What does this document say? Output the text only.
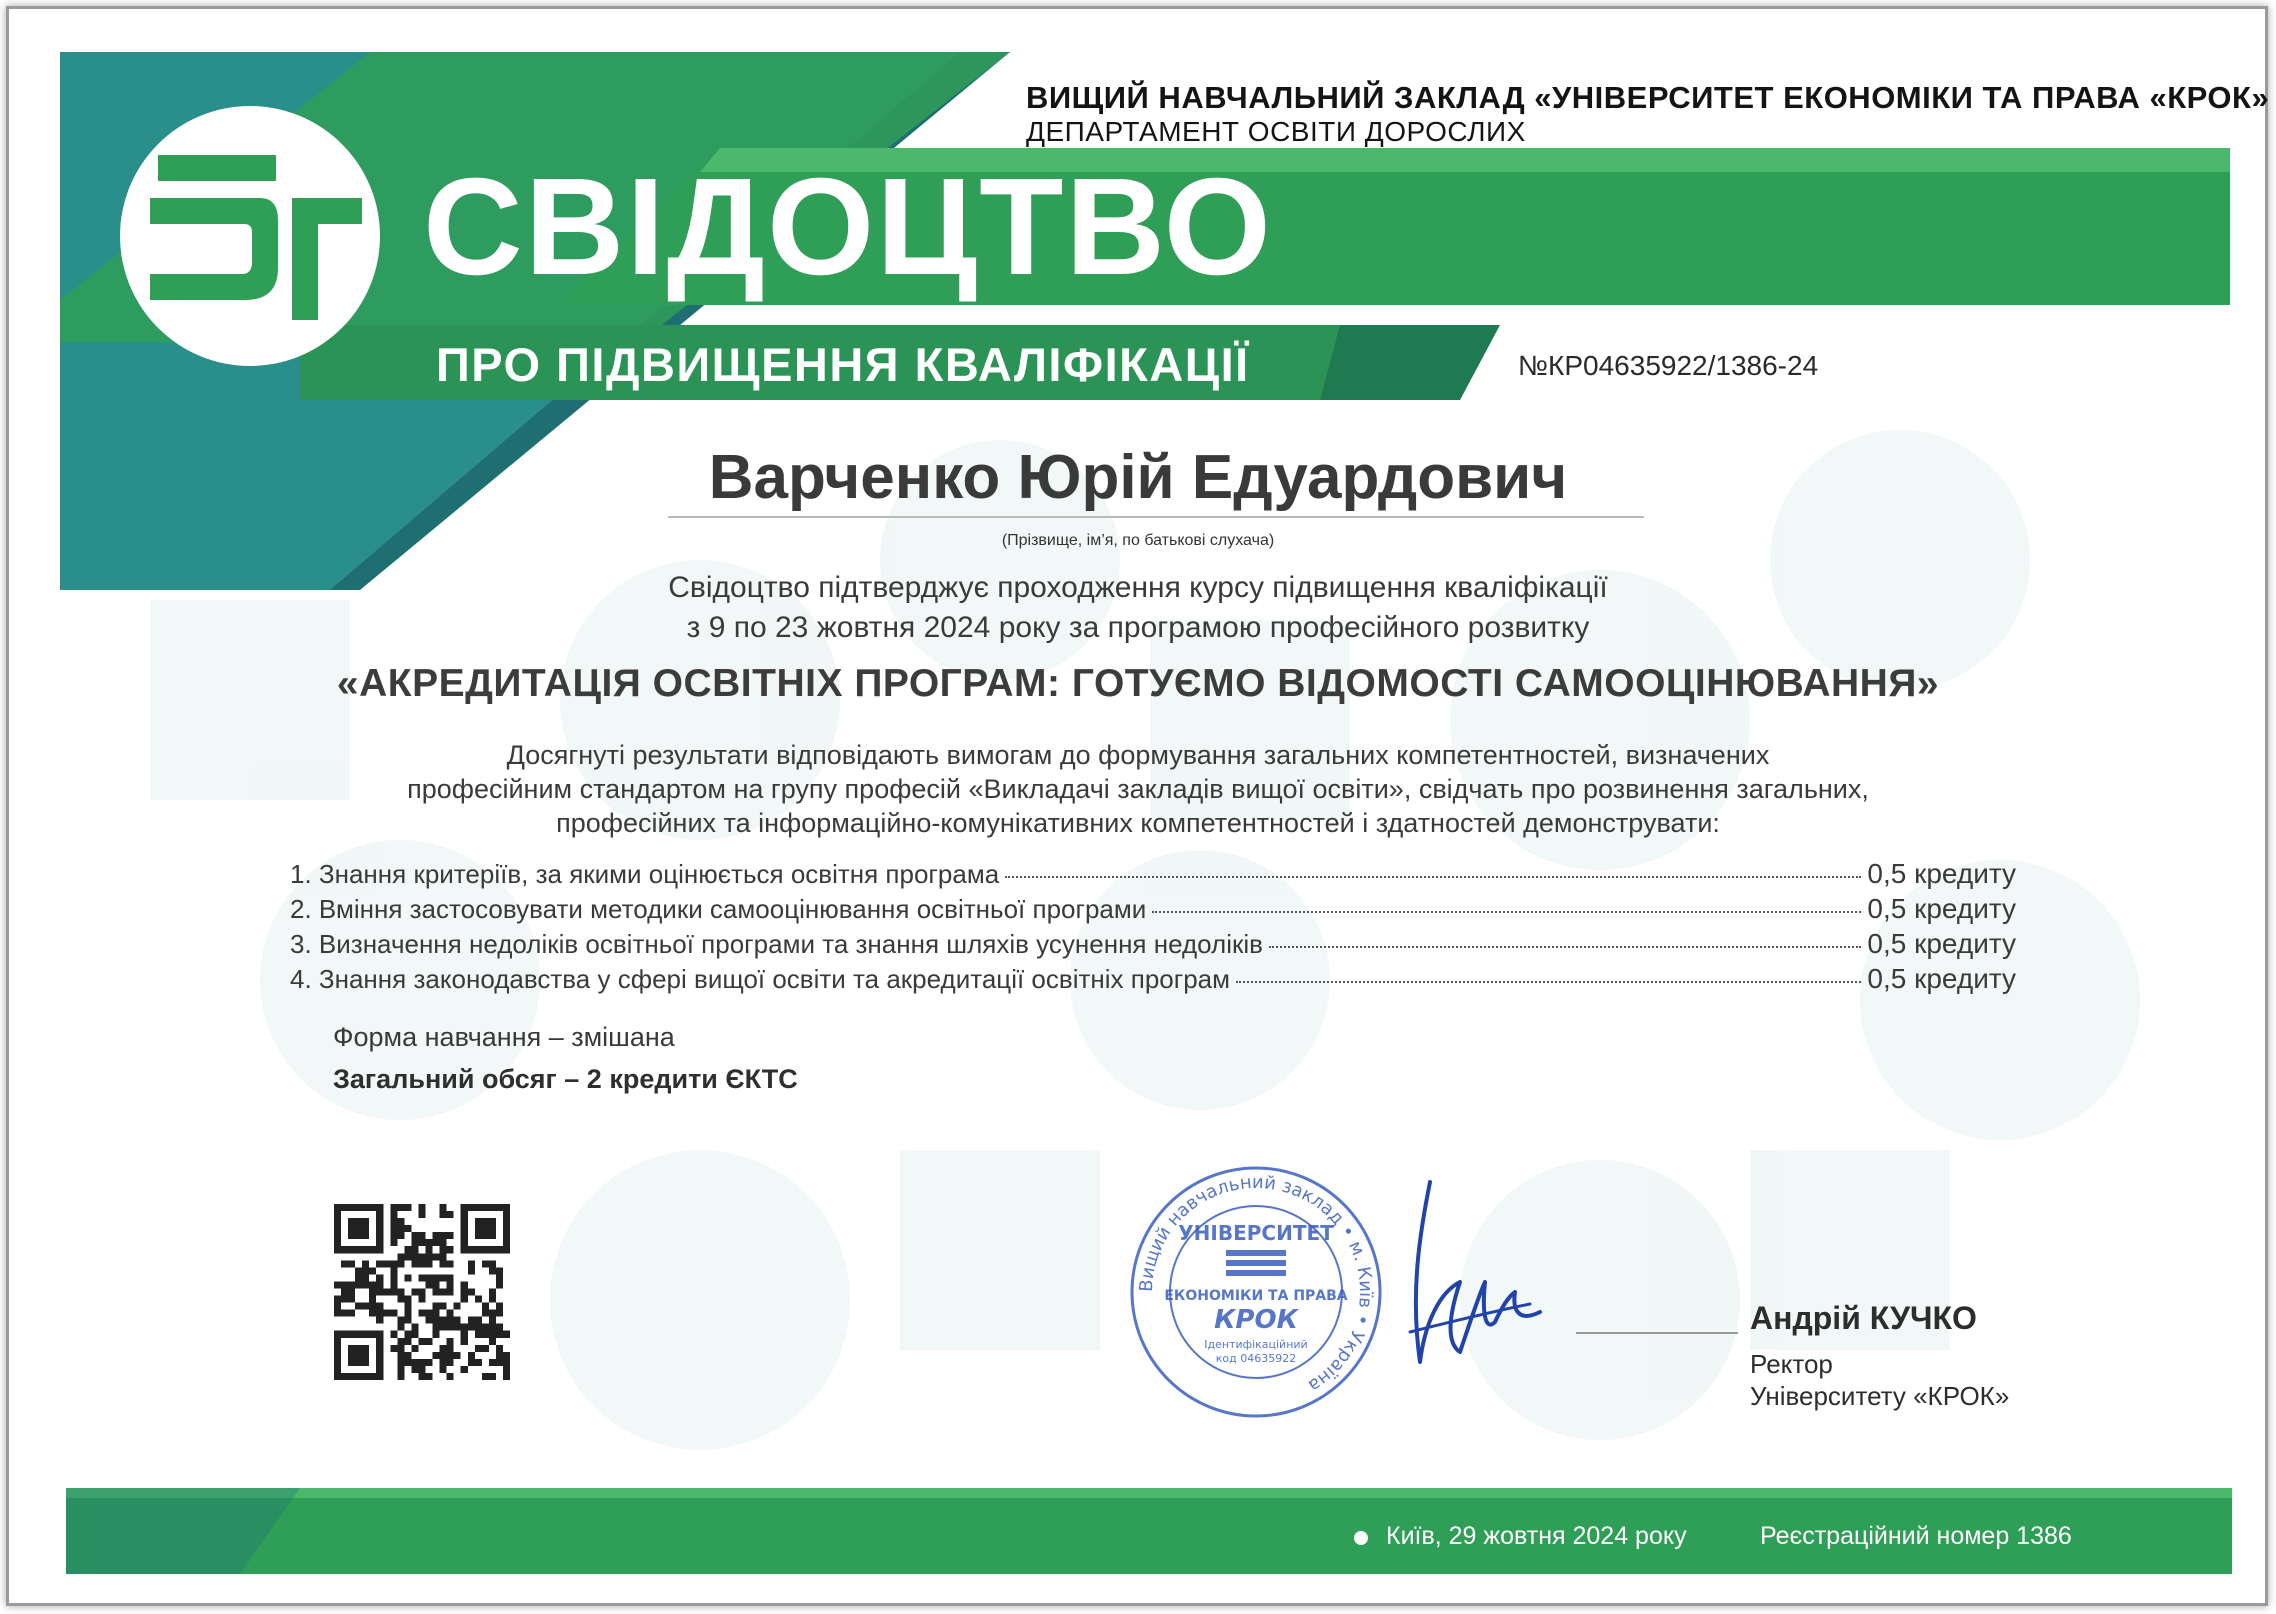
ВИЩИЙ НАВЧАЛЬНИЙ ЗАКЛАД «УНІВЕРСИТЕТ ЕКОНОМІКИ ТА ПРАВА «КРОК»
ДЕПАРТАМЕНТ ОСВІТИ ДОРОСЛИХ
СВІДОЦТВО
ПРО ПІДВИЩЕННЯ КВАЛІФІКАЦІЇ	№КР04635922/1386-24
Варченко Юрій Едуардович
(Прізвище, ім’я, по батькові слухача)
Свідоцтво підтверджує проходження курсу підвищення кваліфікації
з 9 по 23 жовтня 2024 року за програмою професійного розвитку
«АКРЕДИТАЦІЯ ОСВІТНІХ ПРОГРАМ: ГОТУЄМО ВІДОМОСТІ САМООЦІНЮВАННЯ»
Досягнуті результати відповідають вимогам до формування загальних компетентностей, визначених
професійним стандартом на групу професій «Викладачі закладів вищої освіти», свідчать про розвинення загальних,
професійних та інформаційно-комунікативних компетентностей і здатностей демонструвати:
1. Знання критеріїв, за якими оцінюється освітня програма	0,5 кредиту
2. Вміння застосовувати методики самооцінювання освітньої програми	0,5 кредиту
3. Визначення недоліків освітньої програми та знання шляхів усунення недоліків	0,5 кредиту
4. Знання законодавства у сфері вищої освіти та акредитації освітніх програм	0,5 кредиту
Форма навчання – змішана
Загальний обсяг – 2 кредити ЄКТС
Вищий навчальний заклад • м. Київ • Україна
УНІВЕРСИТЕТ
ЕКОНОМІКИ ТА ПРАВА
КРОК
Ідентифікаційний
код 04635922
Андрій КУЧКО
Ректор
Університету «КРОК»
Київ, 29 жовтня 2024 року	Реєстраційний номер 1386
